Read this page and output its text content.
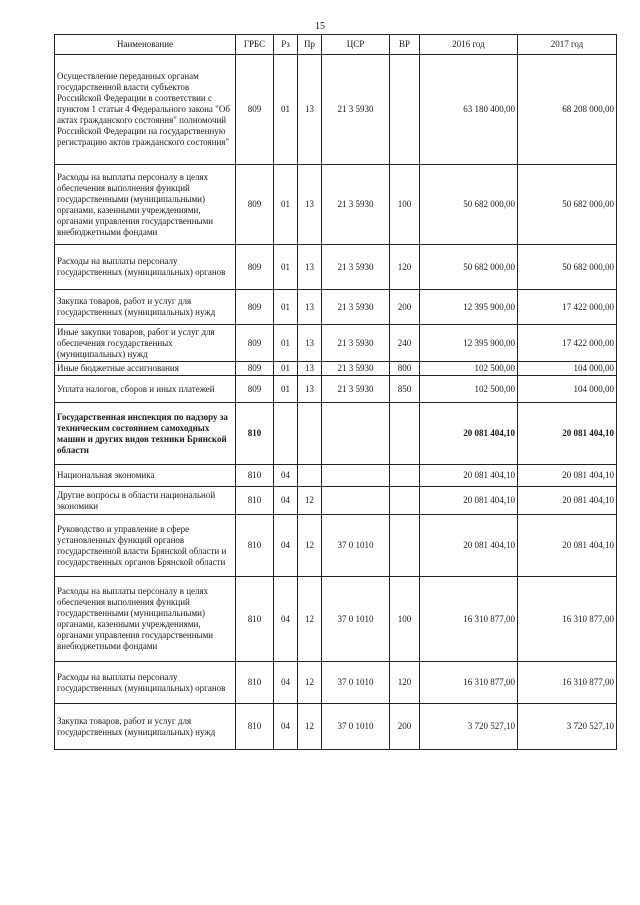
15
Наименование	ГРБС	Рз	Пр	ЦСР	ВР	2016 год	2017 год
Осуществление переданных органам государственной власти субъектов Российской Федерации в соответствии с пунктом 1 статьи 4 Федерального закона "Об актах гражданского состояния" полномочий Российской Федерации на государственную регистрацию актов гражданского состояния"	809	01	13	21 3 5930		63 180 400,00	68 208 000,00
Расходы на выплаты персоналу в целях обеспечения выполнения функций государственными (муниципальными) органами, казенными учреждениями, органами управления государственными внебюджетными фондами	809	01	13	21 3 5930	100	50 682 000,00	50 682 000,00
Расходы на выплаты персоналу государственных (муниципальных) органов	809	01	13	21 3 5930	120	50 682 000,00	50 682 000,00
Закупка товаров, работ и услуг для государственных (муниципальных) нужд	809	01	13	21 3 5930	200	12 395 900,00	17 422 000,00
Иные закупки товаров, работ и услуг для обеспечения государственных (муниципальных) нужд	809	01	13	21 3 5930	240	12 395 900,00	17 422 000,00
Иные бюджетные ассигнования	809	01	13	21 3 5930	800	102 500,00	104 000,00
Уплата налогов, сборов и иных платежей	809	01	13	21 3 5930	850	102 500,00	104 000,00
Государственная инспекция по надзору за техническим состоянием самоходных машин и других видов техники Брянской области	810					20 081 404,10	20 081 404,10
Национальная экономика	810	04				20 081 404,10	20 081 404,10
Другие вопросы в области национальной экономики	810	04	12			20 081 404,10	20 081 404,10
Руководство и управление в сфере установленных функций органов государственной власти Брянской области и государственных органов Брянской области	810	04	12	37 0 1010		20 081 404,10	20 081 404,10
Расходы на выплаты персоналу в целях обеспечения выполнения функций государственными (муниципальными) органами, казенными учреждениями, органами управления государственными внебюджетными фондами	810	04	12	37 0 1010	100	16 310 877,00	16 310 877,00
Расходы на выплаты персоналу государственных (муниципальных) органов	810	04	12	37 0 1010	120	16 310 877,00	16 310 877,00
Закупка товаров, работ и услуг для государственных (муниципальных) нужд	810	04	12	37 0 1010	200	3 720 527,10	3 720 527,10
